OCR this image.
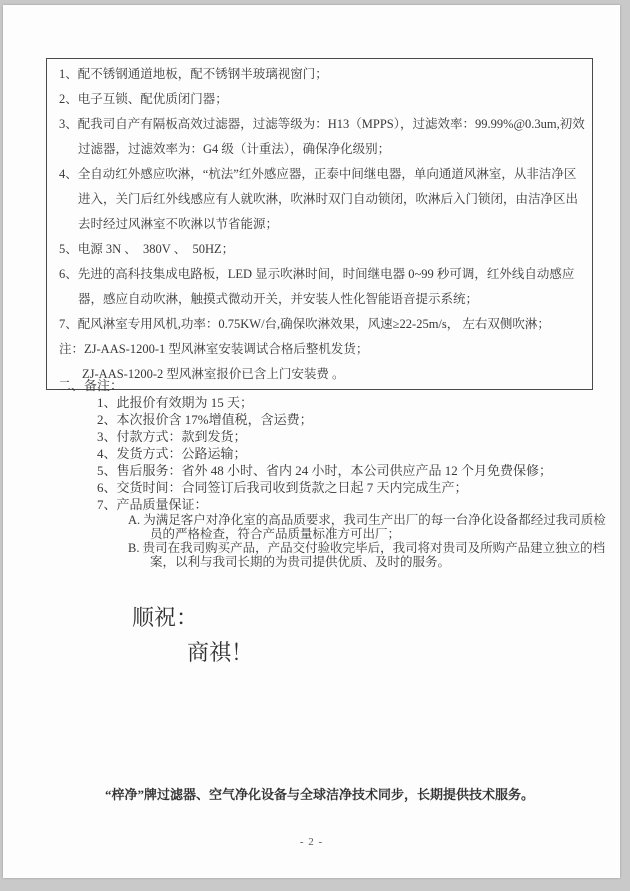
1、配不锈钢通道地板，配不锈钢半玻璃视窗门；

2、电子互锁、配优质闭门器；

3、配我司自产有隔板高效过滤器，过滤等级为：H13（MPPS），过滤效率：99.99%@0.3um,初效过滤器，过滤效率为：G4 级（计重法），确保净化级别；

4、全自动红外感应吹淋，“杭法”红外感应器，正泰中间继电器，单向通道风淋室，从非洁净区进入，关门后红外线感应有人就吹淋，吹淋时双门自动锁闭，吹淋后入门锁闭，由洁净区出去时经过风淋室不吹淋以节省能源；

5、电源 3N 、　380V 、　50HZ；

6、先进的高科技集成电路板，LED 显示吹淋时间，时间继电器 0~99 秒可调，红外线自动感应器，感应自动吹淋，触摸式微动开关，并安装人性化智能语音提示系统；

7、配风淋室专用风机,功率：0.75KW/台,确保吹淋效果，风速≥22-25m/s， 左右双侧吹淋；

注：ZJ-AAS-1200-1 型风淋室安装调试合格后整机发货；

ZJ-AAS-1200-2 型风淋室报价已含上门安装费 。

二、备注：

1、此报价有效期为 15 天；

2、本次报价含 17%增值税，含运费；

3、付款方式：款到发货；

4、发货方式：公路运输；

5、售后服务：省外 48 小时、省内 24 小时，本公司供应产品 12 个月免费保修；

6、交货时间：合同签订后我司收到货款之日起 7 天内完成生产；

7、产品质量保证：

A. 为满足客户对净化室的高品质要求，我司生产出厂的每一台净化设备都经过我司质检员的严格检查，符合产品质量标准方可出厂；

B. 贵司在我司购买产品，产品交付验收完毕后，我司将对贵司及所购产品建立独立的档案，以利与我司长期的为贵司提供优质、及时的服务。

顺祝：

商祺！

“梓净”牌过滤器、空气净化设备与全球洁净技术同步，长期提供技术服务。

- 2 -
